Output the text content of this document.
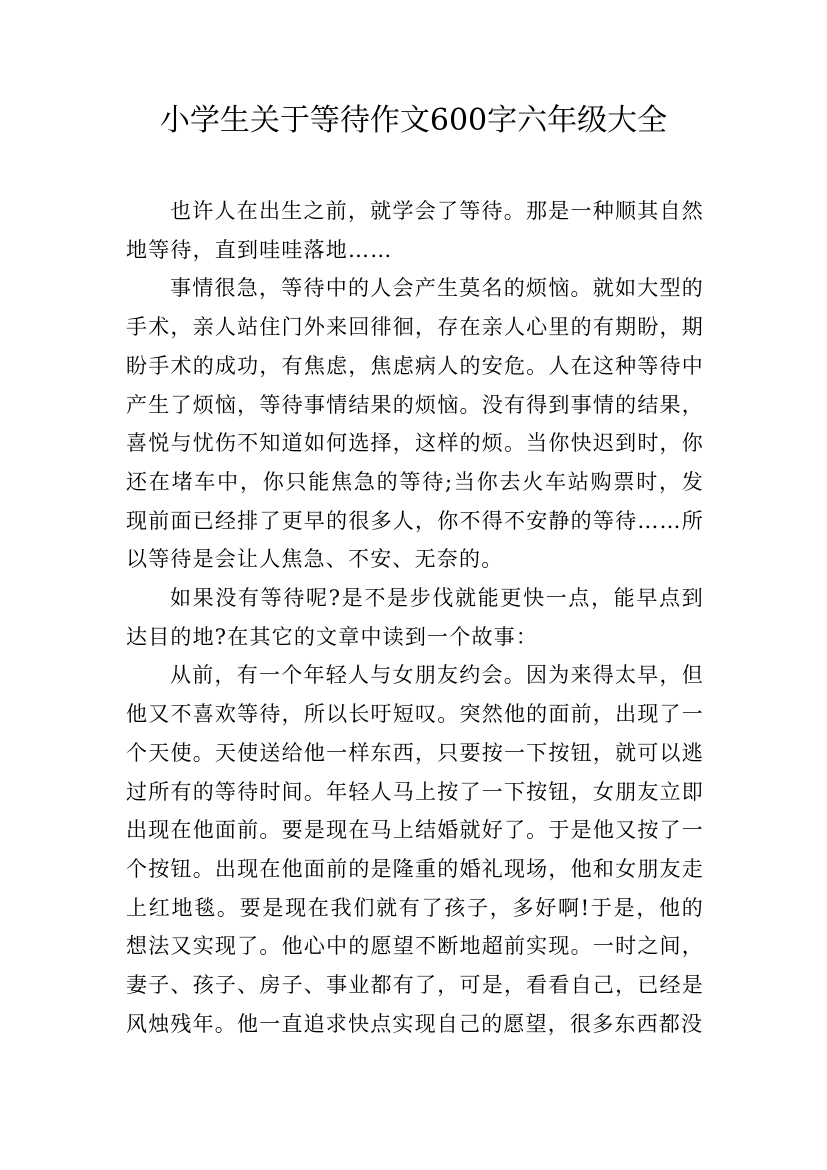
小学生关于等待作文600字六年级大全

也许人在出生之前，就学会了等待。那是一种顺其自然地等待，直到哇哇落地……

事情很急，等待中的人会产生莫名的烦恼。就如大型的手术，亲人站住门外来回徘徊，存在亲人心里的有期盼，期盼手术的成功，有焦虑，焦虑病人的安危。人在这种等待中产生了烦恼，等待事情结果的烦恼。没有得到事情的结果，喜悦与忧伤不知道如何选择，这样的烦。当你快迟到时，你还在堵车中，你只能焦急的等待;当你去火车站购票时，发现前面已经排了更早的很多人，你不得不安静的等待……所以等待是会让人焦急、不安、无奈的。

如果没有等待呢?是不是步伐就能更快一点，能早点到达目的地?在其它的文章中读到一个故事：

从前，有一个年轻人与女朋友约会。因为来得太早，但他又不喜欢等待，所以长吁短叹。突然他的面前，出现了一个天使。天使送给他一样东西，只要按一下按钮，就可以逃过所有的等待时间。年轻人马上按了一下按钮，女朋友立即出现在他面前。要是现在马上结婚就好了。于是他又按了一个按钮。出现在他面前的是隆重的婚礼现场，他和女朋友走上红地毯。要是现在我们就有了孩子，多好啊!于是，他的想法又实现了。他心中的愿望不断地超前实现。一时之间，妻子、孩子、房子、事业都有了，可是，看看自己，已经是风烛残年。他一直追求快点实现自己的愿望，很多东西都没
